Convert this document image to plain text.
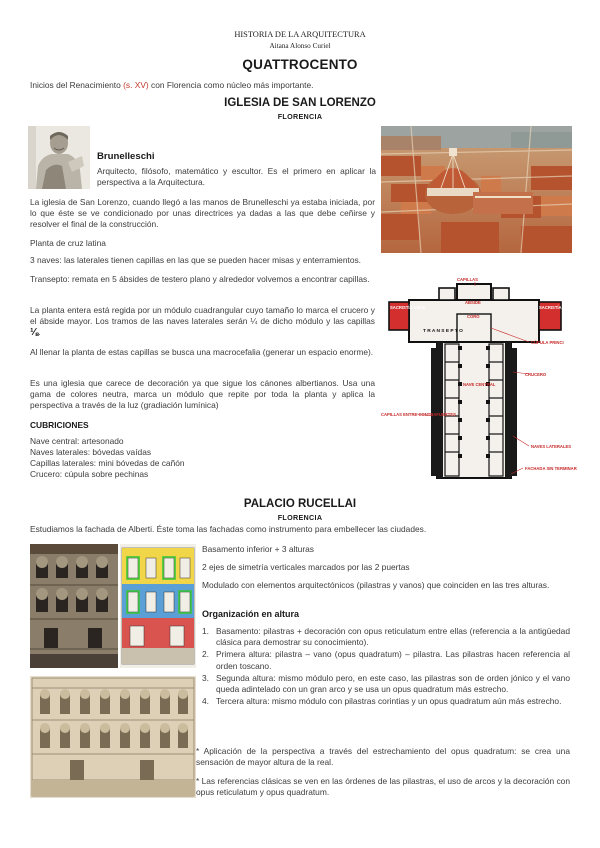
HISTORIA DE LA ARQUITECTURA
Aitana Alonso Curiel
QUATTROCENTO
Inicios del Renacimiento (s. XV) con Florencia como núcleo más importante.
IGLESIA DE SAN LORENZO
FLORENCIA
Brunelleschi
Arquitecto, filósofo, matemático y escultor. Es el primero en aplicar la perspectiva a la Arquitectura.
La iglesia de San Lorenzo, cuando llegó a las manos de Brunelleschi ya estaba iniciada, por lo que éste se ve condicionado por unas directrices ya dadas a las que debe ceñirse y resolver el final de la construcción.
Planta de cruz latina
3 naves: las laterales tienen capillas en las que se pueden hacer misas y enterramientos.
Transepto: remata en 5 ábsides de testero plano y alrededor volvemos a encontrar capillas.
La planta entera está regida por un módulo cuadrangular cuyo tamaño lo marca el crucero y el ábside mayor. Los tramos de las naves laterales serán ¼ de dicho módulo y las capillas ⅛.
Al llenar la planta de estas capillas se busca una macrocefalia (generar un espacio enorme).
Es una iglesia que carece de decoración ya que sigue los cánones albertianos. Usa una gama de colores neutra, marca un módulo que repite por toda la planta y aplica la perspectiva a través de la luz (gradiación lumínica)
CUBRICIONES
Nave central: artesonado
Naves laterales: bóvedas vaídas
Capillas laterales: mini bóvedas de cañón
Crucero: cúpula sobre pechinas
CAPILLAS
SACRISTÍA VIEJA
ÁBSIDE
CORO
SACRISTÍA NUEVA
T R A N S E P T O
CÚPULA PRINCI
CRUCERO
NAVE CENTRAL
CAPILLAS ENTRE CONTRAFUERTES
NAVES LATERALES
FACHADA SIN TERMINAR
PALACIO RUCELLAI
FLORENCIA
Estudiamos la fachada de Alberti. Éste toma las fachadas como instrumento para embellecer las ciudades.
Basamento inferior + 3 alturas
2 ejes de simetría verticales marcados por las 2 puertas
Modulado con elementos arquitectónicos (pilastras y vanos) que coinciden en las tres alturas.
Organización en altura
1. Basamento: pilastras + decoración con opus reticulatum entre ellas (referencia a la antigüedad clásica para demostrar su conocimiento).
2. Primera altura: pilastra – vano (opus quadratum) – pilastra. Las pilastras hacen referencia al orden toscano.
3. Segunda altura: mismo módulo pero, en este caso, las pilastras son de orden jónico y el vano queda adintelado con un gran arco y se usa un opus quadratum más estrecho.
4. Tercera altura: mismo módulo con pilastras corintias y un opus quadratum aún más estrecho.
* Aplicación de la perspectiva a través del estrechamiento del opus quadratum: se crea una sensación de mayor altura de la real.
* Las referencias clásicas se ven en las órdenes de las pilastras, el uso de arcos y la decoración con opus reticulatum y opus quadratum.
